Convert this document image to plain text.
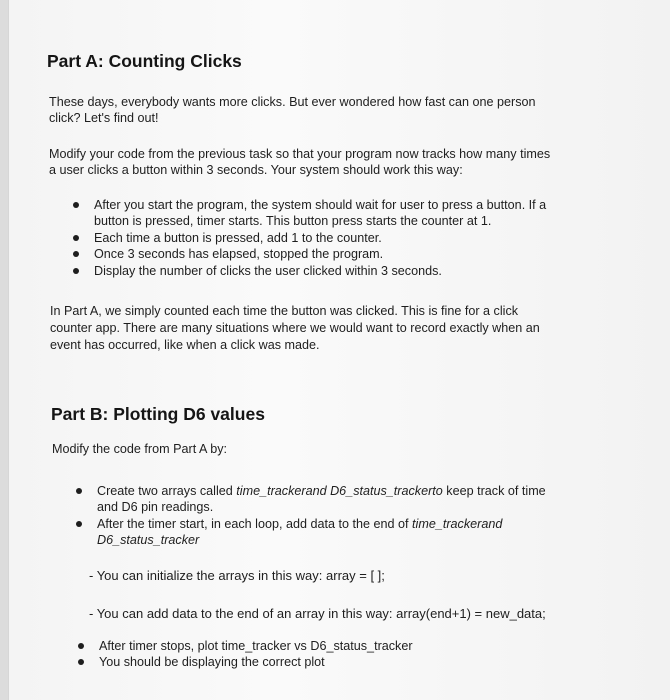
Part A: Counting Clicks
These days, everybody wants more clicks. But ever wondered how fast can one person
click? Let's find out!
Modify your code from the previous task so that your program now tracks how many times
a user clicks a button within 3 seconds. Your system should work this way:
After you start the program, the system should wait for user to press a button. If a
button is pressed, timer starts. This button press starts the counter at 1.
Each time a button is pressed, add 1 to the counter.
Once 3 seconds has elapsed, stopped the program.
Display the number of clicks the user clicked within 3 seconds.
In Part A, we simply counted each time the button was clicked. This is fine for a click
counter app. There are many situations where we would want to record exactly when an
event has occurred, like when a click was made.
Part B: Plotting D6 values
Modify the code from Part A by:
Create two arrays called time_trackerand D6_status_trackerto keep track of time
and D6 pin readings.
After the timer start, in each loop, add data to the end of time_trackerand
D6_status_tracker
- You can initialize the arrays in this way: array = [ ];
- You can add data to the end of an array in this way: array(end+1) = new_data;
After timer stops, plot time_tracker vs D6_status_tracker
You should be displaying the correct plot
